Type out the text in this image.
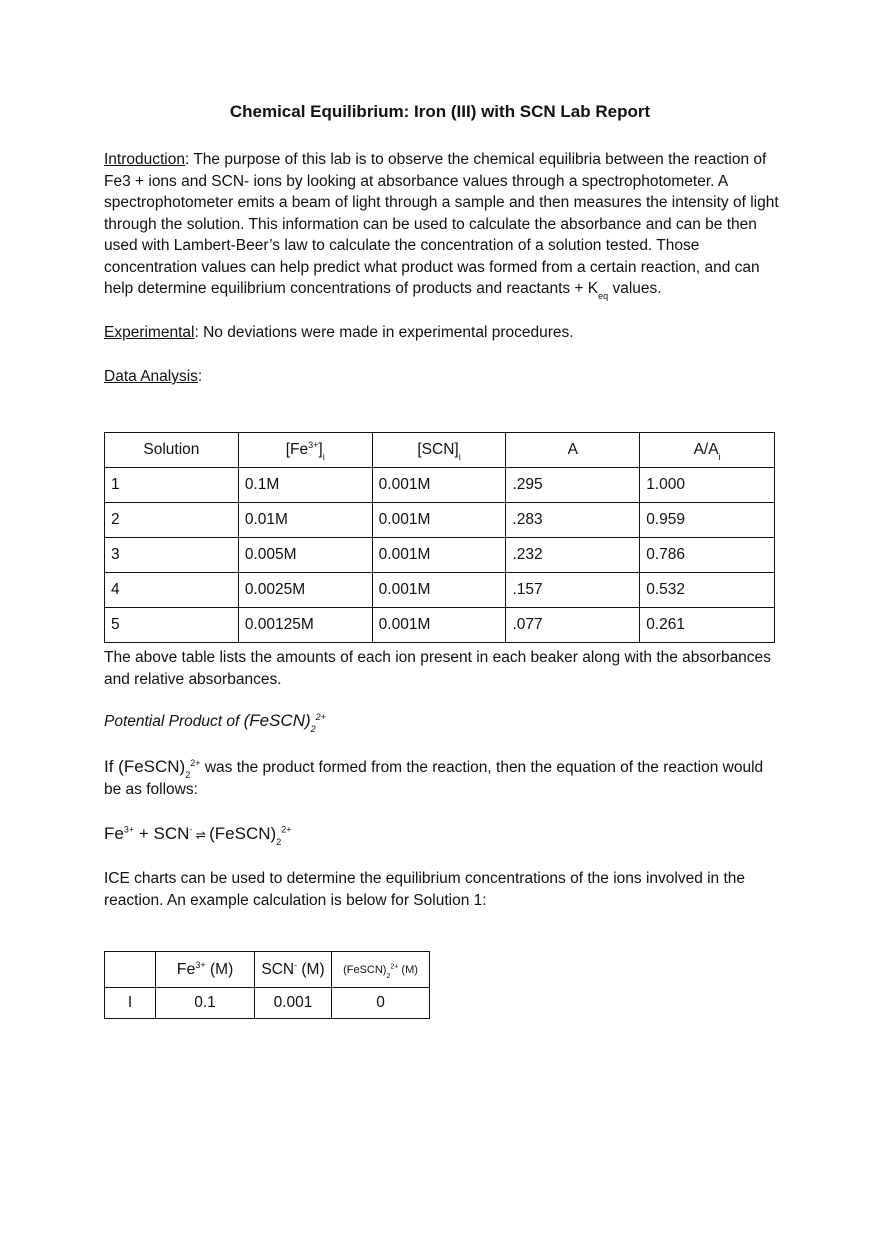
Chemical Equilibrium: Iron (III) with SCN Lab Report
Introduction: The purpose of this lab is to observe the chemical equilibria between the reaction of Fe3 + ions and SCN- ions by looking at absorbance values through a spectrophotometer. A spectrophotometer emits a beam of light through a sample and then measures the intensity of light through the solution. This information can be used to calculate the absorbance and can be then used with Lambert-Beer’s law to calculate the concentration of a solution tested. Those concentration values can help predict what product was formed from a certain reaction, and can help determine equilibrium concentrations of products and reactants + $K_{eq}$ values.
Experimental: No deviations were made in experimental procedures.
Data Analysis:
Solution	$[Fe^{3+}]_i$	$[SCN]_i$	A	$A/A_i$
1	0.1M	0.001M	.295	1.000
2	0.01M	0.001M	.283	0.959
3	0.005M	0.001M	.232	0.786
4	0.0025M	0.001M	.157	0.532
5	0.00125M	0.001M	.077	0.261
The above table lists the amounts of each ion present in each beaker along with the absorbances and relative absorbances.
Potential Product of $(FeSCN)_2^{2+}$
If $(FeSCN)_2^{2+}$ was the product formed from the reaction, then the equation of the reaction would be as follows:
$Fe^{3+} + SCN^-$ ⇌ $(FeSCN)_2^{2+}$
ICE charts can be used to determine the equilibrium concentrations of the ions involved in the reaction. An example calculation is below for Solution 1:
	$Fe^{3+}$ (M)	SCN- (M)	$(FeSCN)_2^{2+}$ (M)
I	0.1	0.001	0
